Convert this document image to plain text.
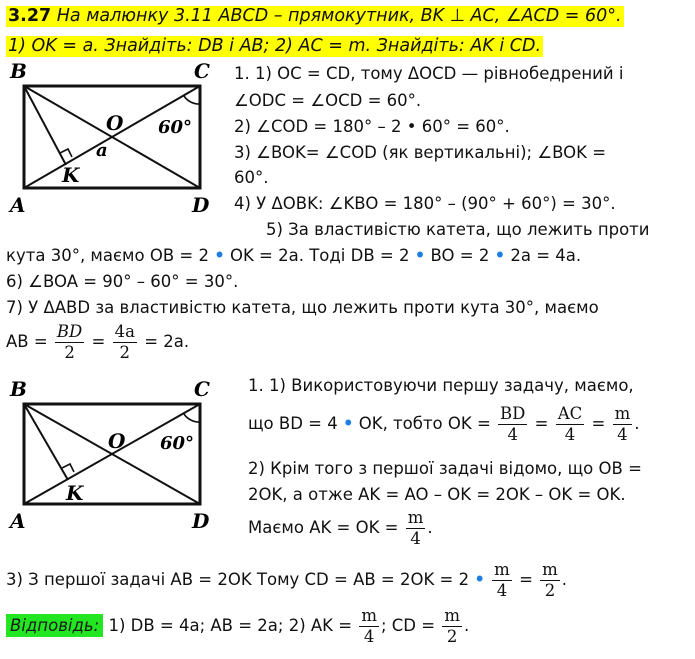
3.27 На малюнку 3.11 ABCD – прямокутник, BK ⊥ AC, ∠ACD = 60°.
1) OK = a. Знайдіть: DB і AB; 2) AC = m. Знайдіть: AK і CD.
B	C
A	D
O
K
a
60°
1. 1) OC = CD, тому ΔOCD — рівнобедрений і
∠ODC = ∠OCD = 60°.
2) ∠COD = 180° – 2 • 60° = 60°.
3) ∠BOK= ∠COD (як вертикальні); ∠BOK =
60°.
4) У ΔOBK: ∠KBO = 180° – (90° + 60°) = 30°.
5) За властивістю катета, що лежить проти
кута 30°, маємо OB = 2 • OK = 2a. Тоді DB = 2 • BO = 2 • 2a = 4a.
6) ∠BOA = 90° – 60° = 30°.
7) У ΔABD за властивістю катета, що лежить проти кута 30°, маємо
AB = $\frac{BD}{2} = \frac{4a}{2} = 2a$.
B	C
A	D
O
K
60°
1. 1) Використовуючи першу задачу, маємо,
що BD = 4 • OK, тобто OK = $\frac{BD}{4} = \frac{AC}{4} = \frac{m}{4}$ .
2) Крім того з першої задачі відомо, що OB =
2OK, а отже AK = AO – OK = 2OK – OK = OK.
Маємо AK = OK = $\frac{m}{4}$ .
3) З першої задачі AB = 2OK Тому CD = AB = 2OK = 2 • $\frac{m}{4} = \frac{m}{2}$ .
Відповідь: 1) DB = 4a; AB = 2a; 2) AK = $\frac{m}{4}$ ; CD = $\frac{m}{2}$ .
